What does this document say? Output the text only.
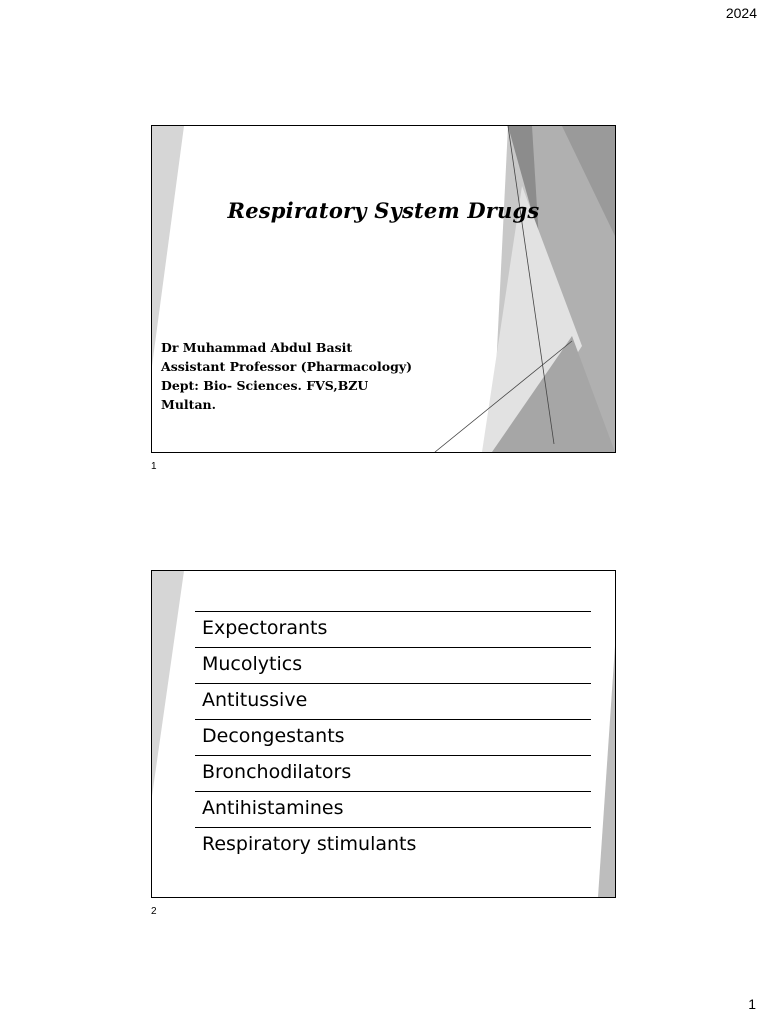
2024
Respiratory System Drugs
Dr Muhammad Abdul Basit
Assistant Professor (Pharmacology)
Dept: Bio- Sciences. FVS,BZU
Multan.
1
Expectorants
Mucolytics
Antitussive
Decongestants
Bronchodilators
Antihistamines
Respiratory stimulants
2
1
